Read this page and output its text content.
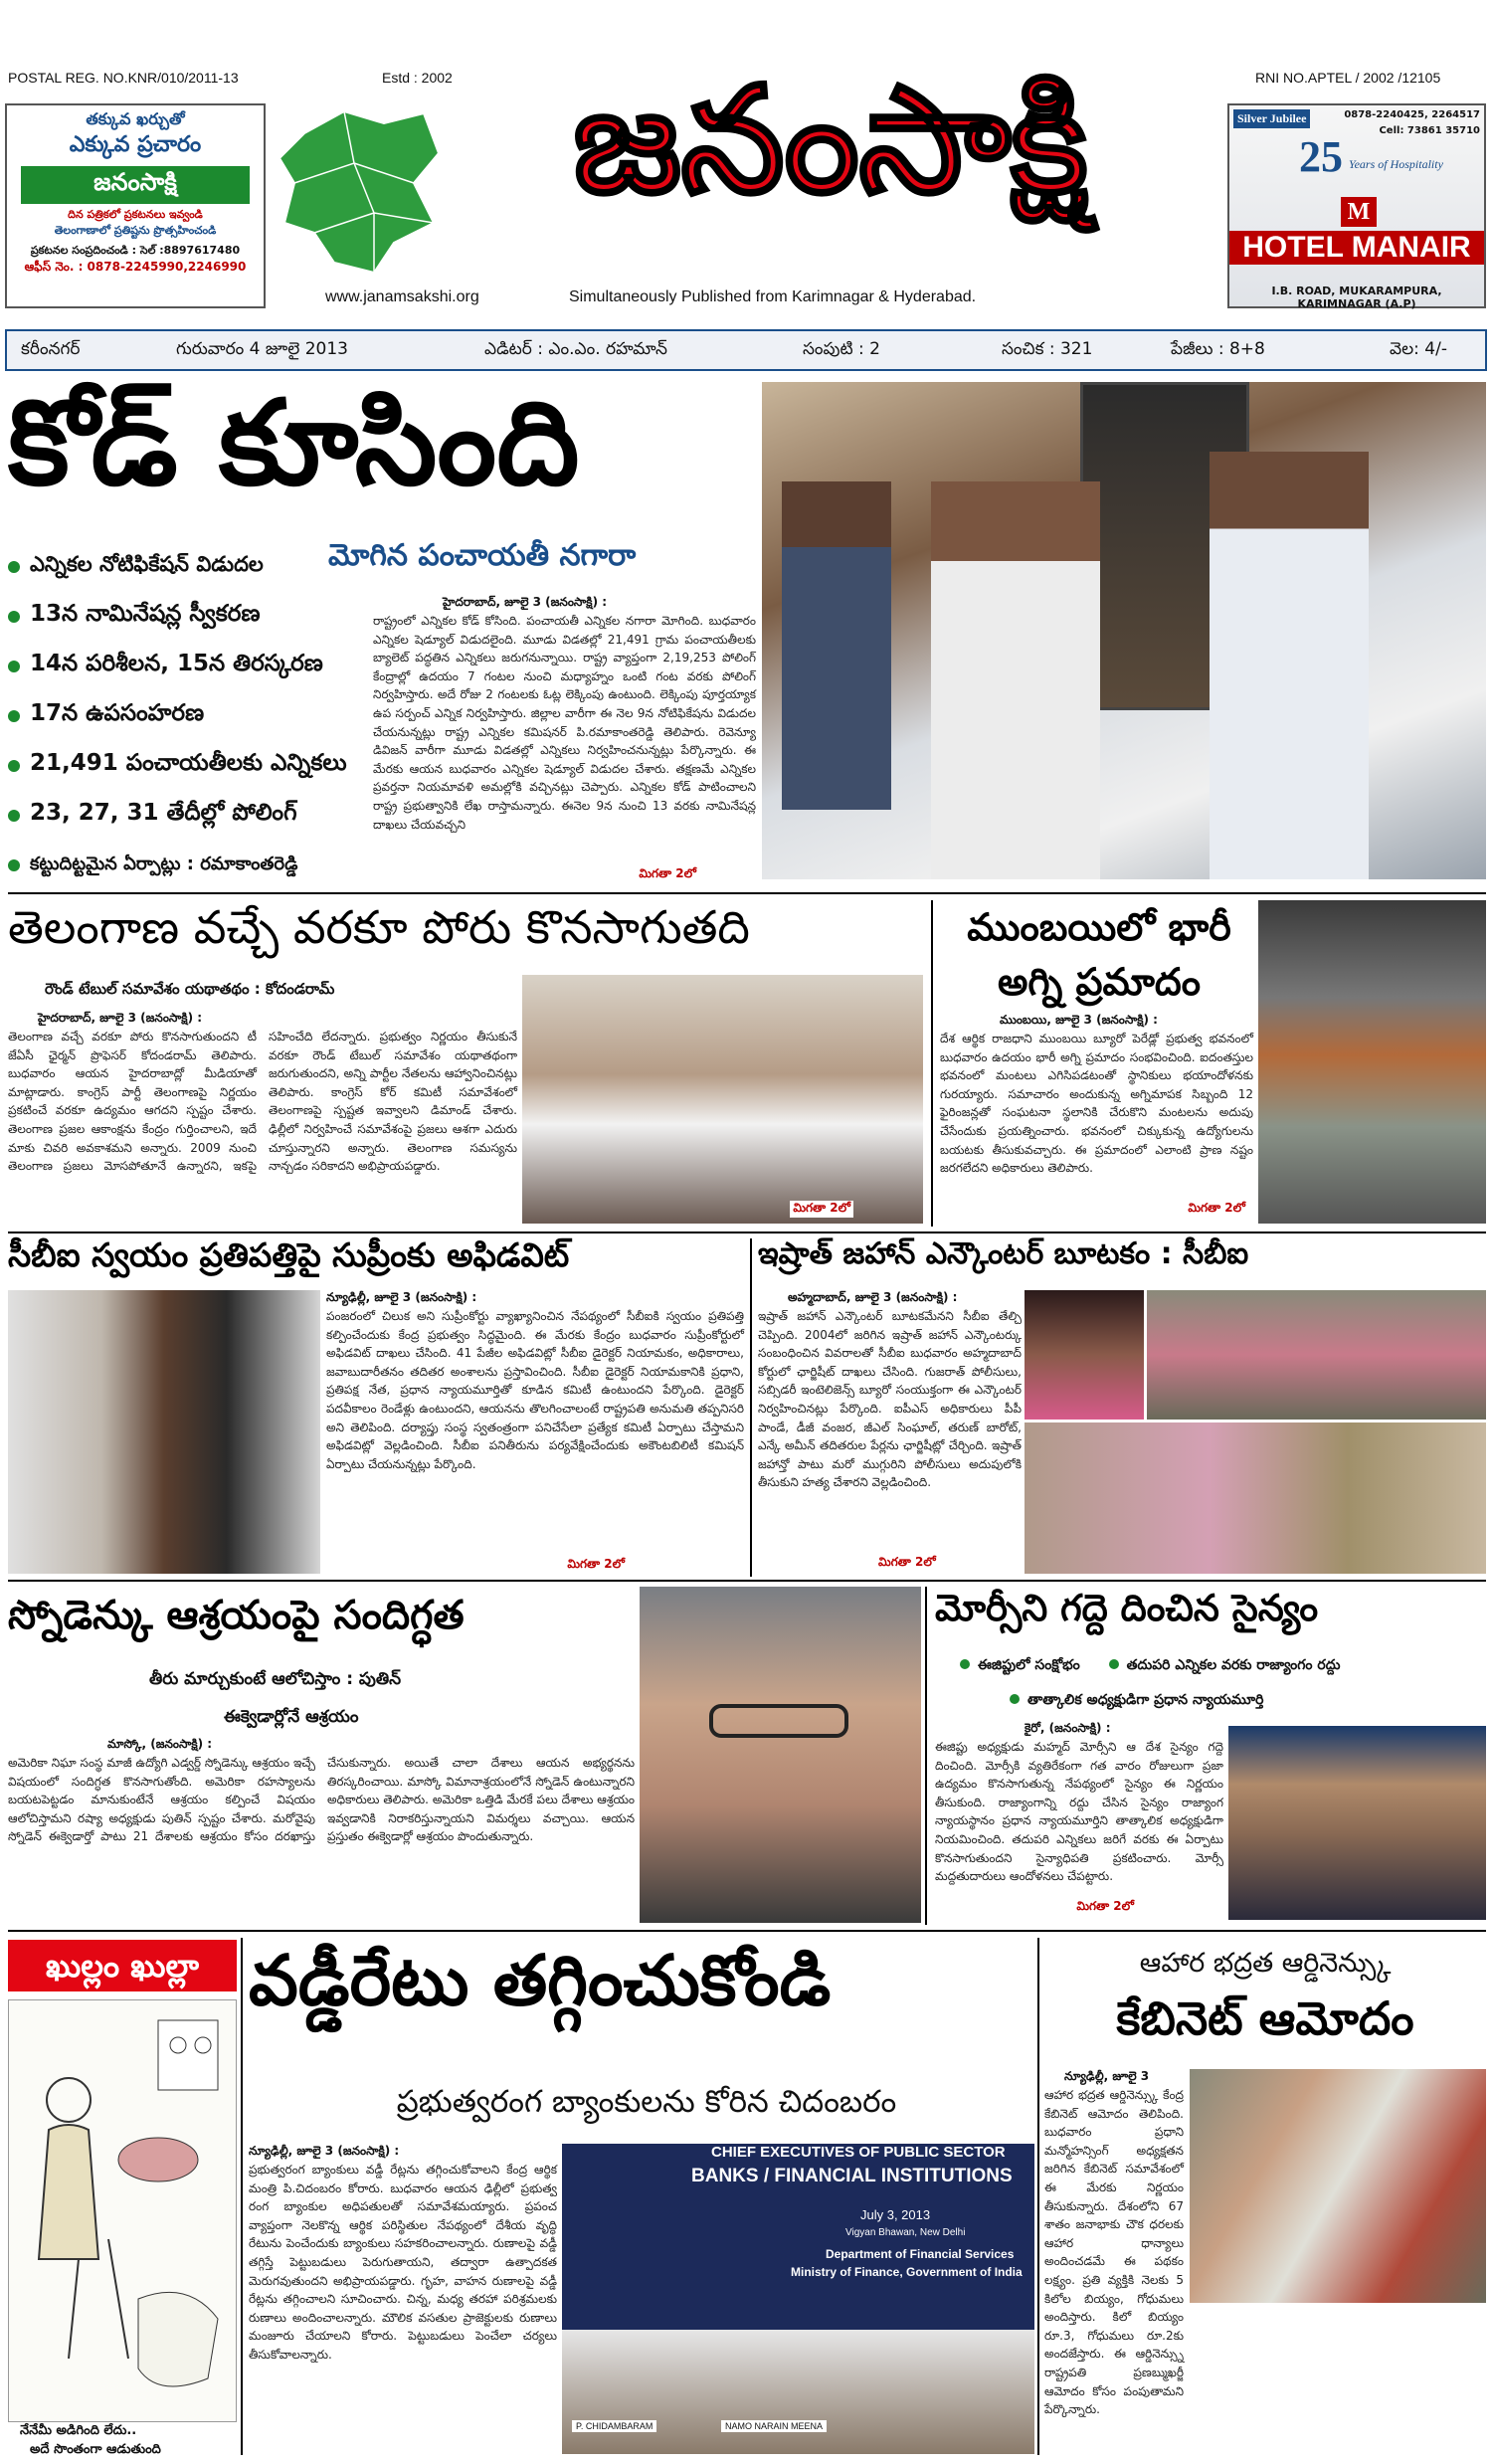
POSTAL REG. NO.KNR/010/2011-13	Estd : 2002	RNI NO.APTEL / 2002 /12105
తక్కువ ఖర్చుతో
ఎక్కువ ప్రచారం
జనంసాక్షి
దిన పత్రికలో ప్రకటనలు ఇవ్వండి
తెలంగాణాలో ప్రతిష్టను ప్రొత్సహించండి
ప్రకటనల సంప్రదించండి : సెల్ :8897617480
ఆఫీస్ నెం. : 0878-2245990,2246990
జనంసాక్షి
www.janamsakshi.org	Simultaneously Published from Karimnagar & Hyderabad.
Silver Jubilee	0878-2240425, 2264517
Cell: 73861 35710
25 Years of Hospitality
M
HOTEL MANAIR
I.B. ROAD, MUKARAMPURA, KARIMNAGAR (A.P)
కరీంనగర్	గురువారం 4 జూలై 2013	ఎడిటర్ : ఎం.ఎం. రహమాన్	సంపుటి : 2	సంచిక : 321	పేజీలు : 8+8	వెల: 4/-
కోడ్ కూసింది
ఎన్నికల నోటిఫికేషన్ విడుదల
13న నామినేషన్ల స్వీకరణ
14న పరిశీలన, 15న తిరస్కరణ
17న ఉపసంహరణ
21,491 పంచాయతీలకు ఎన్నికలు
23, 27, 31 తేదీల్లో పోలింగ్
కట్టుదిట్టమైన ఏర్పాట్లు : రమాకాంతరెడ్డి
మోగిన పంచాయతీ నగారా
హైదరాబాద్, జూలై 3 (జనంసాక్షి) :
రాష్ట్రంలో ఎన్నికల కోడ్ కోసింది. పంచాయతీ ఎన్నికల నగారా మోగింది. బుధవారం ఎన్నికల షెడ్యూల్ విడుదలైంది. మూడు విడతల్లో 21,491 గ్రామ పంచాయతీలకు బ్యాలెట్ పద్ధతిన ఎన్నికలు జరుగనున్నాయి. రాష్ట్ర వ్యాప్తంగా 2,19,253 పోలింగ్ కేంద్రాల్లో ఉదయం 7 గంటల నుంచి మధ్యాహ్నం ఒంటి గంట వరకు పోలింగ్ నిర్వహిస్తారు. అదే రోజు 2 గంటలకు ఓట్ల లెక్కింపు ఉంటుంది. లెక్కింపు పూర్తయ్యాక ఉప సర్పంచ్ ఎన్నిక నిర్వహిస్తారు. జిల్లాల వారీగా ఈ నెల 9న నోటిఫికేషను విడుదల చేయనున్నట్లు రాష్ట్ర ఎన్నికల కమిషనర్ పి.రమాకాంతరెడ్డి తెలిపారు. రెవెన్యూ డివిజన్ వారీగా మూడు విడతల్లో ఎన్నికలు నిర్వహించనున్నట్లు పేర్కొన్నారు. ఈ మేరకు ఆయన బుధవారం ఎన్నికల షెడ్యూల్ విడుదల చేశారు. తక్షణమే ఎన్నికల ప్రవర్తనా నియమావళి అమల్లోకి వచ్చినట్లు చెప్పారు. ఎన్నికల కోడ్ పాటించాలని రాష్ట్ర ప్రభుత్వానికి లేఖ రాస్తామన్నారు. ఈనెల 9న నుంచి 13 వరకు నామినేషన్ల దాఖలు చేయవచ్చని
మిగతా 2లో
తెలంగాణ వచ్చే వరకూ పోరు కొనసాగుతది
రౌండ్ టేబుల్ సమావేశం యథాతథం : కోదండరామ్
హైదరాబాద్, జూలై 3 (జనంసాక్షి) :
తెలంగాణ వచ్చే వరకూ పోరు కొనసాగుతుందని టీ జేఏసీ ఛైర్మన్ ప్రొఫెసర్ కోదండరామ్ తెలిపారు. బుధవారం ఆయన హైదరాబాద్లో మీడియాతో మాట్లాడారు. కాంగ్రెస్ పార్టీ తెలంగాణపై నిర్ణయం ప్రకటించే వరకూ ఉద్యమం ఆగదని స్పష్టం చేశారు. తెలంగాణ ప్రజల ఆకాంక్షను కేంద్రం గుర్తించాలని, ఇదే మాకు చివరి అవకాశమని అన్నారు. 2009 నుంచి తెలంగాణ ప్రజలు మోసపోతూనే ఉన్నారని, ఇకపై సహించేది లేదన్నారు. ప్రభుత్వం నిర్ణయం తీసుకునే వరకూ రౌండ్ టేబుల్ సమావేశం యథాతథంగా జరుగుతుందని, అన్ని పార్టీల నేతలను ఆహ్వానించినట్లు తెలిపారు. కాంగ్రెస్ కోర్ కమిటీ సమావేశంలో తెలంగాణపై స్పష్టత ఇవ్వాలని డిమాండ్ చేశారు. ఢిల్లీలో నిర్వహించే సమావేశంపై ప్రజలు ఆశగా ఎదురు చూస్తున్నారని అన్నారు. తెలంగాణ సమస్యను నాన్చడం సరికాదని అభిప్రాయపడ్డారు.
మిగతా 2లో
ముంబయిలో భారీ అగ్ని ప్రమాదం
ముంబయి, జూలై 3 (జనంసాక్షి) :
దేశ ఆర్థిక రాజధాని ముంబయి బ్యూరో పెరేడ్లో ప్రభుత్వ భవనంలో బుధవారం ఉదయం భారీ అగ్ని ప్రమాదం సంభవించింది. ఐదంతస్తుల భవనంలో మంటలు ఎగిసిపడటంతో స్థానికులు భయాందోళనకు గురయ్యారు. సమాచారం అందుకున్న అగ్నిమాపక సిబ్బంది 12 ఫైరింజన్లతో సంఘటనా స్థలానికి చేరుకొని మంటలను అదుపు చేసేందుకు ప్రయత్నించారు. భవనంలో చిక్కుకున్న ఉద్యోగులను బయటకు తీసుకువచ్చారు. ఈ ప్రమాదంలో ఎలాంటి ప్రాణ నష్టం జరగలేదని అధికారులు తెలిపారు.
మిగతా 2లో
సీబీఐ స్వయం ప్రతిపత్తిపై సుప్రీంకు అఫిడవిట్
న్యూఢిల్లీ, జూలై 3 (జనంసాక్షి) :
పంజరంలో చిలుక అని సుప్రీంకోర్టు వ్యాఖ్యానించిన నేపథ్యంలో సీబీఐకి స్వయం ప్రతిపత్తి కల్పించేందుకు కేంద్ర ప్రభుత్వం సిద్ధమైంది. ఈ మేరకు కేంద్రం బుధవారం సుప్రీంకోర్టులో అఫిడవిట్ దాఖలు చేసింది. 41 పేజీల అఫిడవిట్లో సీబీఐ డైరెక్టర్ నియామకం, అధికారాలు, జవాబుదారీతనం తదితర అంశాలను ప్రస్తావించింది. సీబీఐ డైరెక్టర్ నియామకానికి ప్రధాని, ప్రతిపక్ష నేత, ప్రధాన న్యాయమూర్తితో కూడిన కమిటీ ఉంటుందని పేర్కొంది. డైరెక్టర్ పదవీకాలం రెండేళ్లు ఉంటుందని, ఆయనను తొలగించాలంటే రాష్ట్రపతి అనుమతి తప్పనిసరి అని తెలిపింది. దర్యాప్తు సంస్థ స్వతంత్రంగా పనిచేసేలా ప్రత్యేక కమిటీ ఏర్పాటు చేస్తామని అఫిడవిట్లో వెల్లడించింది. సీబీఐ పనితీరును పర్యవేక్షించేందుకు అకౌంటబిలిటీ కమిషన్ ఏర్పాటు చేయనున్నట్లు పేర్కొంది.
మిగతా 2లో
ఇష్రాత్ జహాన్ ఎన్కౌంటర్ బూటకం : సీబీఐ
అహ్మదాబాద్, జూలై 3 (జనంసాక్షి) :
ఇష్రాత్ జహాన్ ఎన్కౌంటర్ బూటకమేనని సీబీఐ తేల్చి చెప్పింది. 2004లో జరిగిన ఇష్రాత్ జహాన్ ఎన్కౌంటర్కు సంబంధించిన వివరాలతో సీబీఐ బుధవారం అహ్మదాబాద్ కోర్టులో ఛార్జిషీట్ దాఖలు చేసింది. గుజరాత్ పోలీసులు, సబ్సిడరీ ఇంటెలిజెన్స్ బ్యూరో సంయుక్తంగా ఈ ఎన్కౌంటర్ నిర్వహించినట్లు పేర్కొంది. ఐపీఎస్ అధికారులు పీపీ పాండే, డీజీ వంజర, జీఎల్ సింఘాల్, తరుణ్ బారోట్, ఎన్కే అమీన్ తదితరుల పేర్లను ఛార్జిషీట్లో చేర్చింది. ఇష్రాత్ జహాన్తో పాటు మరో ముగ్గురిని పోలీసులు అదుపులోకి తీసుకుని హత్య చేశారని వెల్లడించింది.
మిగతా 2లో
స్నోడెన్కు ఆశ్రయంపై సందిగ్ధత
తీరు మార్చుకుంటే ఆలోచిస్తాం : పుతిన్
ఈక్వెడార్లోనే ఆశ్రయం
మాస్కో, (జనంసాక్షి) :
అమెరికా నిఘా సంస్థ మాజీ ఉద్యోగి ఎడ్వర్డ్ స్నోడెన్కు ఆశ్రయం ఇచ్చే విషయంలో సందిగ్ధత కొనసాగుతోంది. అమెరికా రహస్యాలను బయటపెట్టడం మానుకుంటేనే ఆశ్రయం కల్పించే విషయం ఆలోచిస్తామని రష్యా అధ్యక్షుడు పుతిన్ స్పష్టం చేశారు. మరోవైపు స్నోడెన్ ఈక్వెడార్తో పాటు 21 దేశాలకు ఆశ్రయం కోసం దరఖాస్తు చేసుకున్నారు. అయితే చాలా దేశాలు ఆయన అభ్యర్థనను తిరస్కరించాయి. మాస్కో విమానాశ్రయంలోనే స్నోడెన్ ఉంటున్నారని అధికారులు తెలిపారు. అమెరికా ఒత్తిడి మేరకే పలు దేశాలు ఆశ్రయం ఇవ్వడానికి నిరాకరిస్తున్నాయని విమర్శలు వచ్చాయి. ఆయన ప్రస్తుతం ఈక్వెడార్లో ఆశ్రయం పొందుతున్నారు.
మోర్సీని గద్దె దించిన సైన్యం
ఈజిప్టులో సంక్షోభం	తదుపరి ఎన్నికల వరకు రాజ్యాంగం రద్దు
తాత్కాలిక అధ్యక్షుడిగా ప్రధాన న్యాయమూర్తి
కైరో, (జనంసాక్షి) :
ఈజిప్టు అధ్యక్షుడు మహ్మద్ మోర్సీని ఆ దేశ సైన్యం గద్దె దించింది. మోర్సీకి వ్యతిరేకంగా గత వారం రోజులుగా ప్రజా ఉద్యమం కొనసాగుతున్న నేపథ్యంలో సైన్యం ఈ నిర్ణయం తీసుకుంది. రాజ్యాంగాన్ని రద్దు చేసిన సైన్యం రాజ్యాంగ న్యాయస్థానం ప్రధాన న్యాయమూర్తిని తాత్కాలిక అధ్యక్షుడిగా నియమించింది. తదుపరి ఎన్నికలు జరిగే వరకు ఈ ఏర్పాటు కొనసాగుతుందని సైన్యాధిపతి ప్రకటించారు. మోర్సీ మద్దతుదారులు ఆందోళనలు చేపట్టారు.
మిగతా 2లో
ఖుల్లం ఖుల్లా
నేనేమీ అడిగింది లేదు..
అదే సొంతంగా ఆడుతుంది
వడ్డీరేటు తగ్గించుకోండి
ప్రభుత్వరంగ బ్యాంకులను కోరిన చిదంబరం
న్యూఢిల్లీ, జూలై 3 (జనంసాక్షి) :
ప్రభుత్వరంగ బ్యాంకులు వడ్డీ రేట్లను తగ్గించుకోవాలని కేంద్ర ఆర్థిక మంత్రి పి.చిదంబరం కోరారు. బుధవారం ఆయన ఢిల్లీలో ప్రభుత్వ రంగ బ్యాంకుల అధిపతులతో సమావేశమయ్యారు. ప్రపంచ వ్యాప్తంగా నెలకొన్న ఆర్థిక పరిస్థితుల నేపథ్యంలో దేశీయ వృద్ధి రేటును పెంచేందుకు బ్యాంకులు సహకరించాలన్నారు. రుణాలపై వడ్డీ తగ్గిస్తే పెట్టుబడులు పెరుగుతాయని, తద్వారా ఉత్పాదకత మెరుగవుతుందని అభిప్రాయపడ్డారు. గృహ, వాహన రుణాలపై వడ్డీ రేట్లను తగ్గించాలని సూచించారు. చిన్న, మధ్య తరహా పరిశ్రమలకు రుణాలు అందించాలన్నారు. మౌలిక వసతుల ప్రాజెక్టులకు రుణాలు మంజూరు చేయాలని కోరారు. పెట్టుబడులు పెంచేలా చర్యలు తీసుకోవాలన్నారు.
CHIEF EXECUTIVES OF PUBLIC SECTOR
BANKS / FINANCIAL INSTITUTIONS
July 3, 2013
Vigyan Bhawan, New Delhi
Department of Financial Services
Ministry of Finance, Government of India
P. CHIDAMBARAM	NAMO NARAIN MEENA
ఆహార భద్రత ఆర్డినెన్స్కు
కేబినెట్ ఆమోదం
న్యూఢిల్లీ, జూలై 3
ఆహార భద్రత ఆర్డినెన్స్కు కేంద్ర కేబినెట్ ఆమోదం తెలిపింది. బుధవారం ప్రధాని మన్మోహన్సింగ్ అధ్యక్షతన జరిగిన కేబినెట్ సమావేశంలో ఈ మేరకు నిర్ణయం తీసుకున్నారు. దేశంలోని 67 శాతం జనాభాకు చౌక ధరలకు ఆహార ధాన్యాలు అందించడమే ఈ పథకం లక్ష్యం. ప్రతి వ్యక్తికి నెలకు 5 కిలోల బియ్యం, గోధుమలు అందిస్తారు. కిలో బియ్యం రూ.3, గోధుమలు రూ.2కు అందజేస్తారు. ఈ ఆర్డినెన్స్ను రాష్ట్రపతి ప్రణబ్ముఖర్జీ ఆమోదం కోసం పంపుతామని పేర్కొన్నారు.
